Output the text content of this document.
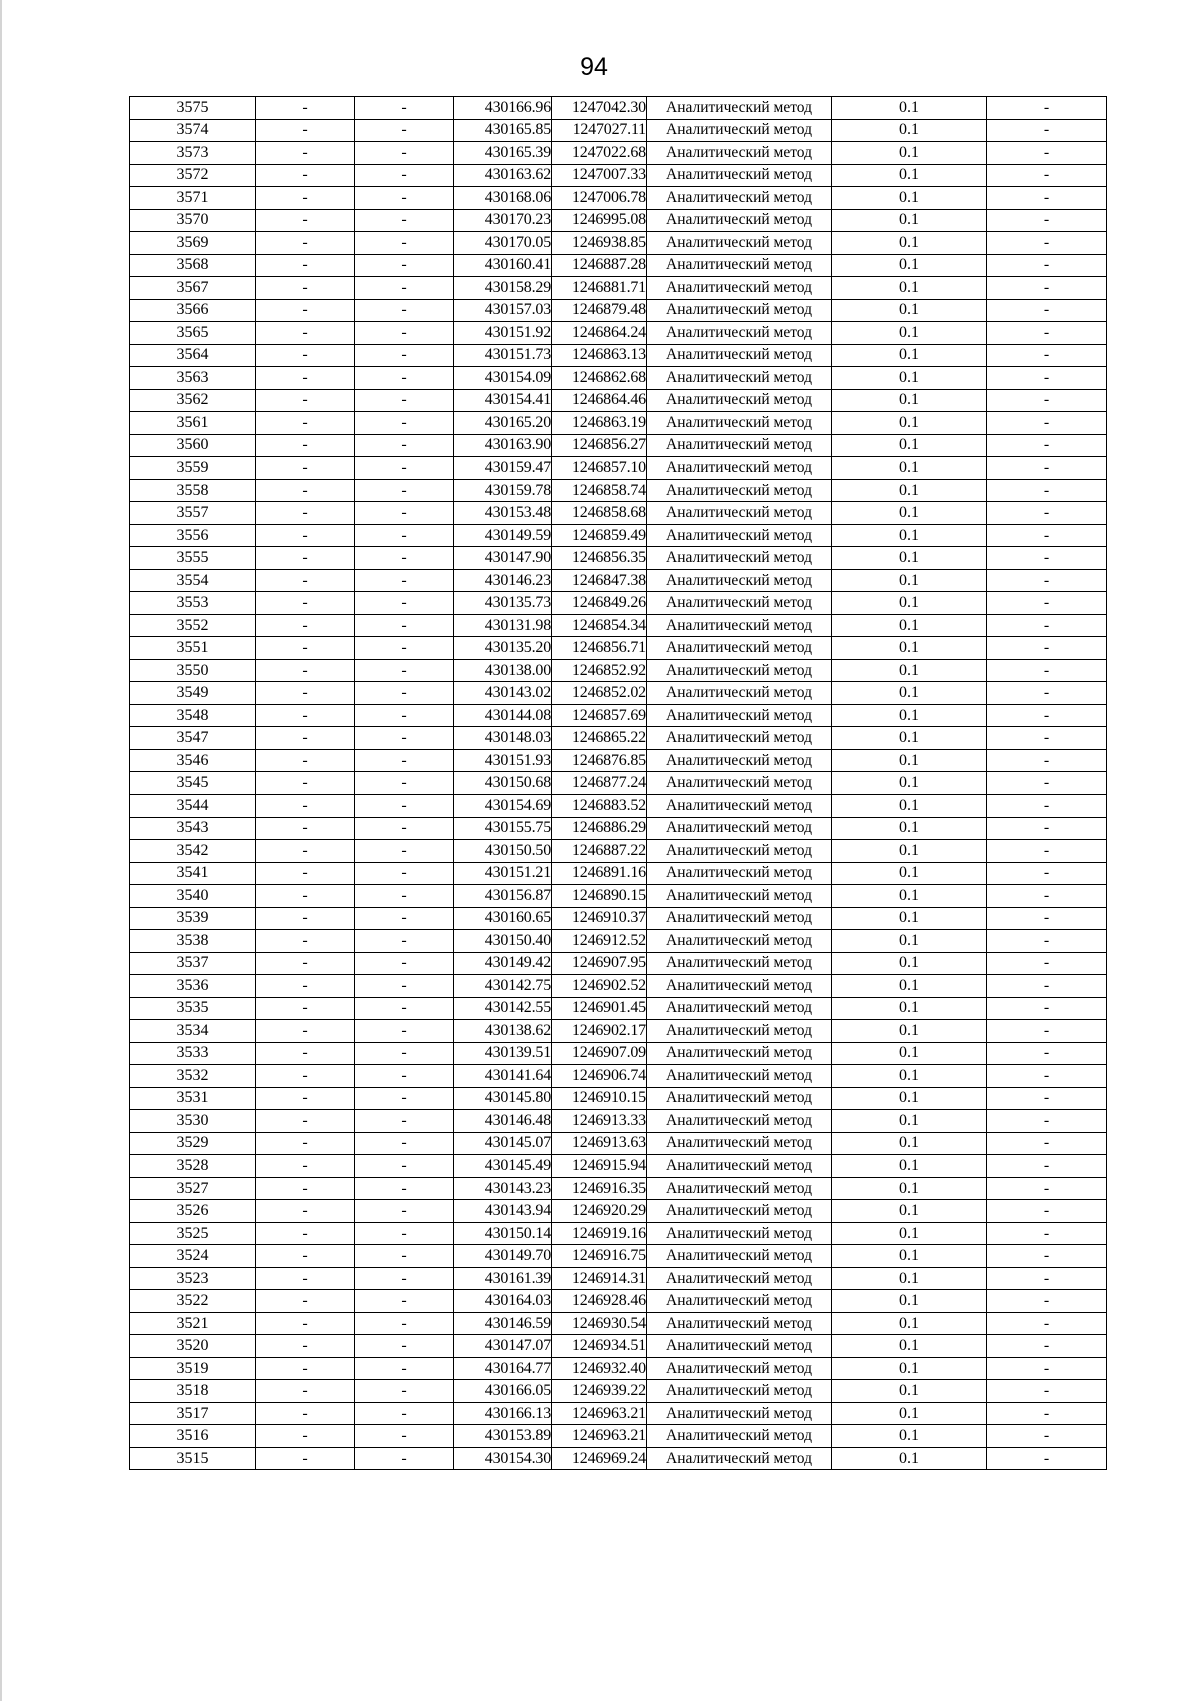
94
3575	-	-	430166.96	1247042.30	Аналитический метод	0.1	-
3574	-	-	430165.85	1247027.11	Аналитический метод	0.1	-
3573	-	-	430165.39	1247022.68	Аналитический метод	0.1	-
3572	-	-	430163.62	1247007.33	Аналитический метод	0.1	-
3571	-	-	430168.06	1247006.78	Аналитический метод	0.1	-
3570	-	-	430170.23	1246995.08	Аналитический метод	0.1	-
3569	-	-	430170.05	1246938.85	Аналитический метод	0.1	-
3568	-	-	430160.41	1246887.28	Аналитический метод	0.1	-
3567	-	-	430158.29	1246881.71	Аналитический метод	0.1	-
3566	-	-	430157.03	1246879.48	Аналитический метод	0.1	-
3565	-	-	430151.92	1246864.24	Аналитический метод	0.1	-
3564	-	-	430151.73	1246863.13	Аналитический метод	0.1	-
3563	-	-	430154.09	1246862.68	Аналитический метод	0.1	-
3562	-	-	430154.41	1246864.46	Аналитический метод	0.1	-
3561	-	-	430165.20	1246863.19	Аналитический метод	0.1	-
3560	-	-	430163.90	1246856.27	Аналитический метод	0.1	-
3559	-	-	430159.47	1246857.10	Аналитический метод	0.1	-
3558	-	-	430159.78	1246858.74	Аналитический метод	0.1	-
3557	-	-	430153.48	1246858.68	Аналитический метод	0.1	-
3556	-	-	430149.59	1246859.49	Аналитический метод	0.1	-
3555	-	-	430147.90	1246856.35	Аналитический метод	0.1	-
3554	-	-	430146.23	1246847.38	Аналитический метод	0.1	-
3553	-	-	430135.73	1246849.26	Аналитический метод	0.1	-
3552	-	-	430131.98	1246854.34	Аналитический метод	0.1	-
3551	-	-	430135.20	1246856.71	Аналитический метод	0.1	-
3550	-	-	430138.00	1246852.92	Аналитический метод	0.1	-
3549	-	-	430143.02	1246852.02	Аналитический метод	0.1	-
3548	-	-	430144.08	1246857.69	Аналитический метод	0.1	-
3547	-	-	430148.03	1246865.22	Аналитический метод	0.1	-
3546	-	-	430151.93	1246876.85	Аналитический метод	0.1	-
3545	-	-	430150.68	1246877.24	Аналитический метод	0.1	-
3544	-	-	430154.69	1246883.52	Аналитический метод	0.1	-
3543	-	-	430155.75	1246886.29	Аналитический метод	0.1	-
3542	-	-	430150.50	1246887.22	Аналитический метод	0.1	-
3541	-	-	430151.21	1246891.16	Аналитический метод	0.1	-
3540	-	-	430156.87	1246890.15	Аналитический метод	0.1	-
3539	-	-	430160.65	1246910.37	Аналитический метод	0.1	-
3538	-	-	430150.40	1246912.52	Аналитический метод	0.1	-
3537	-	-	430149.42	1246907.95	Аналитический метод	0.1	-
3536	-	-	430142.75	1246902.52	Аналитический метод	0.1	-
3535	-	-	430142.55	1246901.45	Аналитический метод	0.1	-
3534	-	-	430138.62	1246902.17	Аналитический метод	0.1	-
3533	-	-	430139.51	1246907.09	Аналитический метод	0.1	-
3532	-	-	430141.64	1246906.74	Аналитический метод	0.1	-
3531	-	-	430145.80	1246910.15	Аналитический метод	0.1	-
3530	-	-	430146.48	1246913.33	Аналитический метод	0.1	-
3529	-	-	430145.07	1246913.63	Аналитический метод	0.1	-
3528	-	-	430145.49	1246915.94	Аналитический метод	0.1	-
3527	-	-	430143.23	1246916.35	Аналитический метод	0.1	-
3526	-	-	430143.94	1246920.29	Аналитический метод	0.1	-
3525	-	-	430150.14	1246919.16	Аналитический метод	0.1	-
3524	-	-	430149.70	1246916.75	Аналитический метод	0.1	-
3523	-	-	430161.39	1246914.31	Аналитический метод	0.1	-
3522	-	-	430164.03	1246928.46	Аналитический метод	0.1	-
3521	-	-	430146.59	1246930.54	Аналитический метод	0.1	-
3520	-	-	430147.07	1246934.51	Аналитический метод	0.1	-
3519	-	-	430164.77	1246932.40	Аналитический метод	0.1	-
3518	-	-	430166.05	1246939.22	Аналитический метод	0.1	-
3517	-	-	430166.13	1246963.21	Аналитический метод	0.1	-
3516	-	-	430153.89	1246963.21	Аналитический метод	0.1	-
3515	-	-	430154.30	1246969.24	Аналитический метод	0.1	-
